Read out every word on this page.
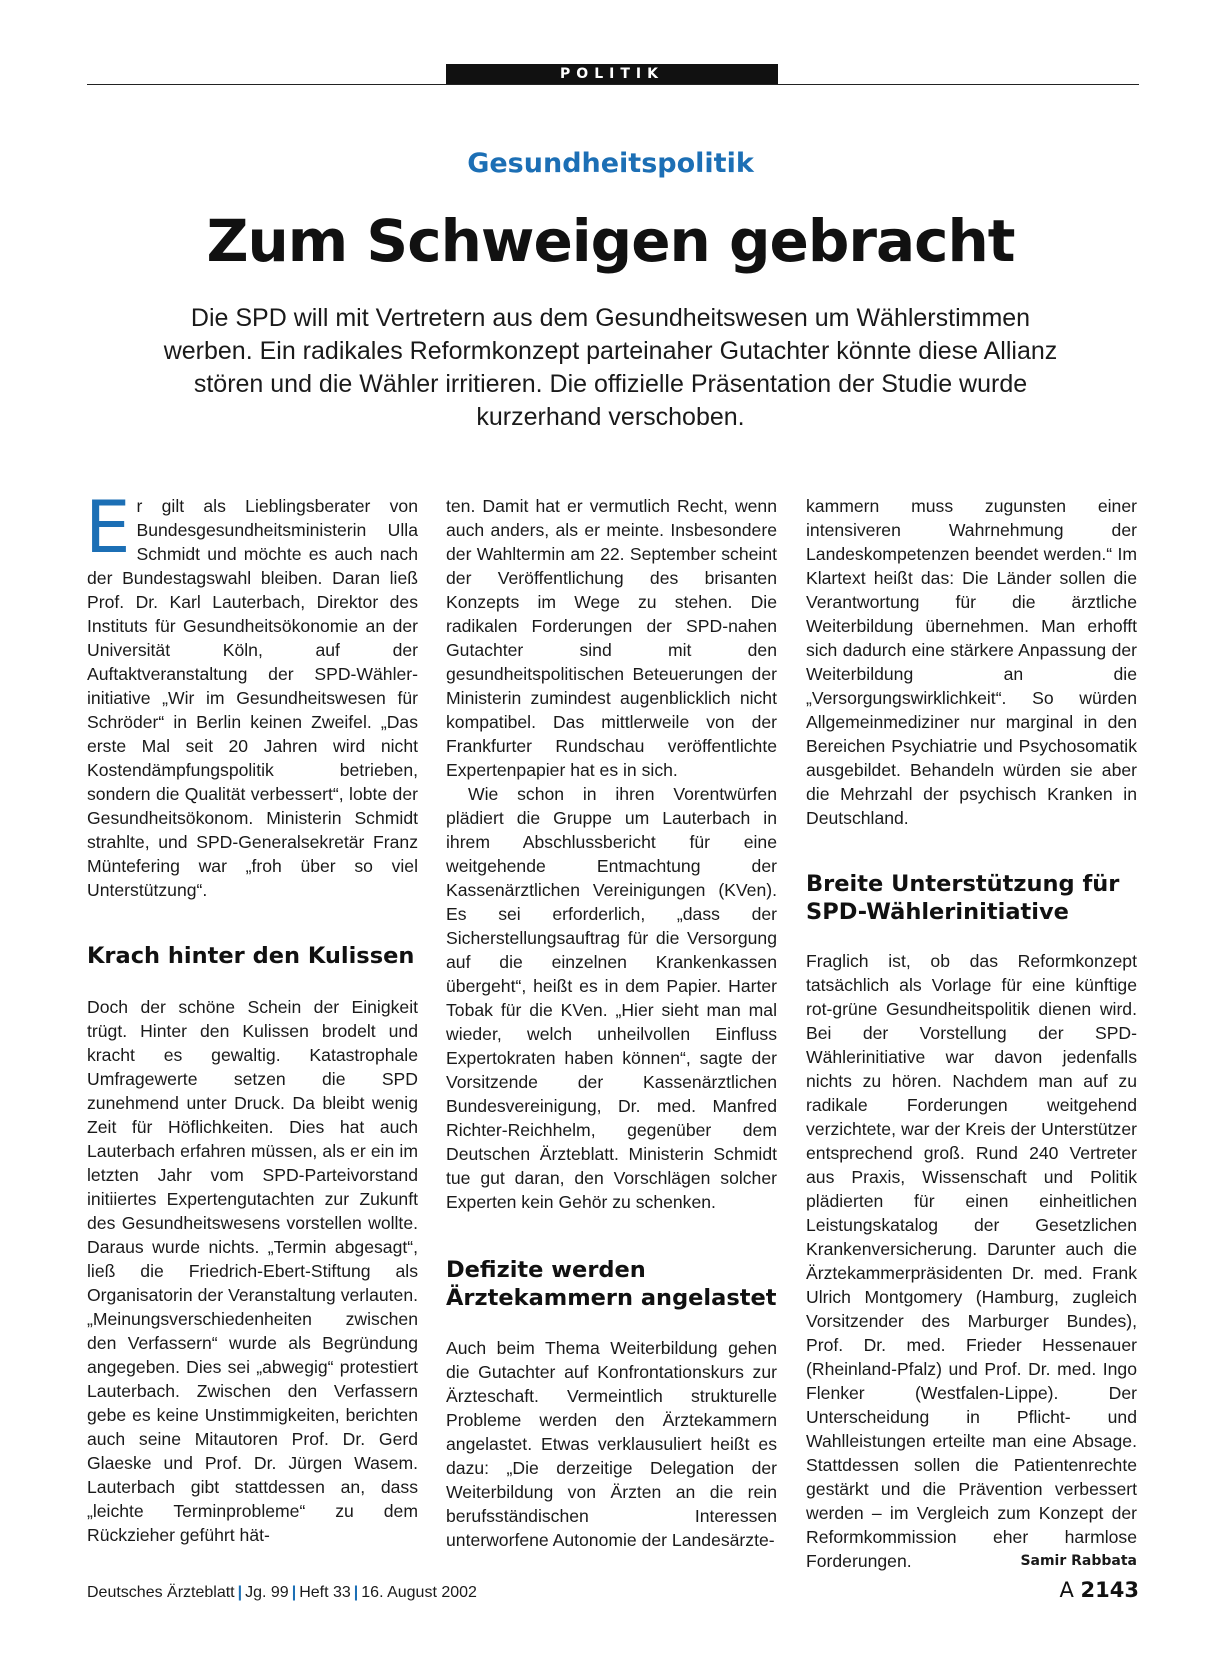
POLITIK
Gesundheitspolitik
Zum Schweigen gebracht
Die SPD will mit Vertretern aus dem Gesundheitswesen um Wählerstimmen werben. Ein radikales Reformkonzept parteinaher Gutachter könnte diese Allianz stören und die Wähler irritieren. Die offizielle Präsentation der Studie wurde kurzerhand verschoben.

Er gilt als Lieblingsberater von Bundesgesundheitsministerin Ulla Schmidt und möchte es auch nach der Bundestagswahl bleiben. Daran ließ Prof. Dr. Karl Lauterbach, Direktor des Instituts für Gesundheitsökonomie an der Universität Köln, auf der Auftaktveranstaltung der SPD-Wähler- initiative „Wir im Gesundheitswesen für Schröder“ in Berlin keinen Zweifel. „Das erste Mal seit 20 Jahren wird nicht Kostendämpfungspolitik betrieben, sondern die Qualität verbessert“, lobte der Gesundheitsökonom. Ministerin Schmidt strahlte, und SPD-Generalsekretär Franz Müntefering war „froh über so viel Unterstützung“.

Krach hinter den Kulissen

Doch der schöne Schein der Einigkeit trügt. Hinter den Kulissen brodelt und kracht es gewaltig. Katastrophale Umfragewerte setzen die SPD zunehmend unter Druck. Da bleibt wenig Zeit für Höflichkeiten. Dies hat auch Lauterbach erfahren müssen, als er ein im letzten Jahr vom SPD-Parteivorstand initiiertes Expertengutachten zur Zukunft des Gesundheitswesens vorstellen wollte. Daraus wurde nichts. „Termin abgesagt“, ließ die Friedrich-Ebert-Stiftung als Organisatorin der Veranstaltung verlauten. „Meinungsverschiedenheiten zwischen den Verfassern“ wurde als Begründung angegeben. Dies sei „abwegig“ protestiert Lauterbach. Zwischen den Verfassern gebe es keine Unstimmigkeiten, berichten auch seine Mitautoren Prof. Dr. Gerd Glaeske und Prof. Dr. Jürgen Wasem. Lauterbach gibt stattdessen an, dass „leichte Terminprobleme“ zu dem Rückzieher geführt hät-

ten. Damit hat er vermutlich Recht, wenn auch anders, als er meinte. Insbesondere der Wahltermin am 22. September scheint der Veröffentlichung des brisanten Konzepts im Wege zu stehen. Die radikalen Forderungen der SPD-nahen Gutachter sind mit den gesundheitspolitischen Beteuerungen der Ministerin zumindest augenblicklich nicht kompatibel. Das mittlerweile von der Frankfurter Rundschau veröffentlichte Expertenpapier hat es in sich.

Wie schon in ihren Vorentwürfen plädiert die Gruppe um Lauterbach in ihrem Abschlussbericht für eine weitgehende Entmachtung der Kassenärztlichen Vereinigungen (KVen). Es sei erforderlich, „dass der Sicherstellungsauftrag für die Versorgung auf die einzelnen Krankenkassen übergeht“, heißt es in dem Papier. Harter Tobak für die KVen. „Hier sieht man mal wieder, welch unheilvollen Einfluss Expertokraten haben können“, sagte der Vorsitzende der Kassenärztlichen Bundesvereinigung, Dr. med. Manfred Richter-Reichhelm, gegenüber dem Deutschen Ärzteblatt. Ministerin Schmidt tue gut daran, den Vorschlägen solcher Experten kein Gehör zu schenken.

Defizite werden Ärztekammern angelastet

Auch beim Thema Weiterbildung gehen die Gutachter auf Konfrontationskurs zur Ärzteschaft. Vermeintlich strukturelle Probleme werden den Ärztekammern angelastet. Etwas verklausuliert heißt es dazu: „Die derzeitige Delegation der Weiterbildung von Ärzten an die rein berufsständischen Interessen unterworfene Autonomie der Landesärzte-

kammern muss zugunsten einer intensiveren Wahrnehmung der Landeskompetenzen beendet werden.“ Im Klartext heißt das: Die Länder sollen die Verantwortung für die ärztliche Weiterbildung übernehmen. Man erhofft sich dadurch eine stärkere Anpassung der Weiterbildung an die „Versorgungswirklichkeit“. So würden Allgemeinmediziner nur marginal in den Bereichen Psychiatrie und Psychosomatik ausgebildet. Behandeln würden sie aber die Mehrzahl der psychisch Kranken in Deutschland.

Breite Unterstützung für SPD-Wählerinitiative

Fraglich ist, ob das Reformkonzept tatsächlich als Vorlage für eine künftige rot-grüne Gesundheitspolitik dienen wird. Bei der Vorstellung der SPD-Wählerinitiative war davon jedenfalls nichts zu hören. Nachdem man auf zu radikale Forderungen weitgehend verzichtete, war der Kreis der Unterstützer entsprechend groß. Rund 240 Vertreter aus Praxis, Wissenschaft und Politik plädierten für einen einheitlichen Leistungskatalog der Gesetzlichen Krankenversicherung. Darunter auch die Ärztekammerpräsidenten Dr. med. Frank Ulrich Montgomery (Hamburg, zugleich Vorsitzender des Marburger Bundes), Prof. Dr. med. Frieder Hessenauer (Rheinland-Pfalz) und Prof. Dr. med. Ingo Flenker (Westfalen-Lippe). Der Unterscheidung in Pflicht- und Wahlleistungen erteilte man eine Absage. Stattdessen sollen die Patientenrechte gestärkt und die Prävention verbessert werden – im Vergleich zum Konzept der Reformkommission eher harmlose Forderungen.	Samir Rabbata

Deutsches Ärzteblatt | Jg. 99 | Heft 33 | 16. August 2002	A 2143
